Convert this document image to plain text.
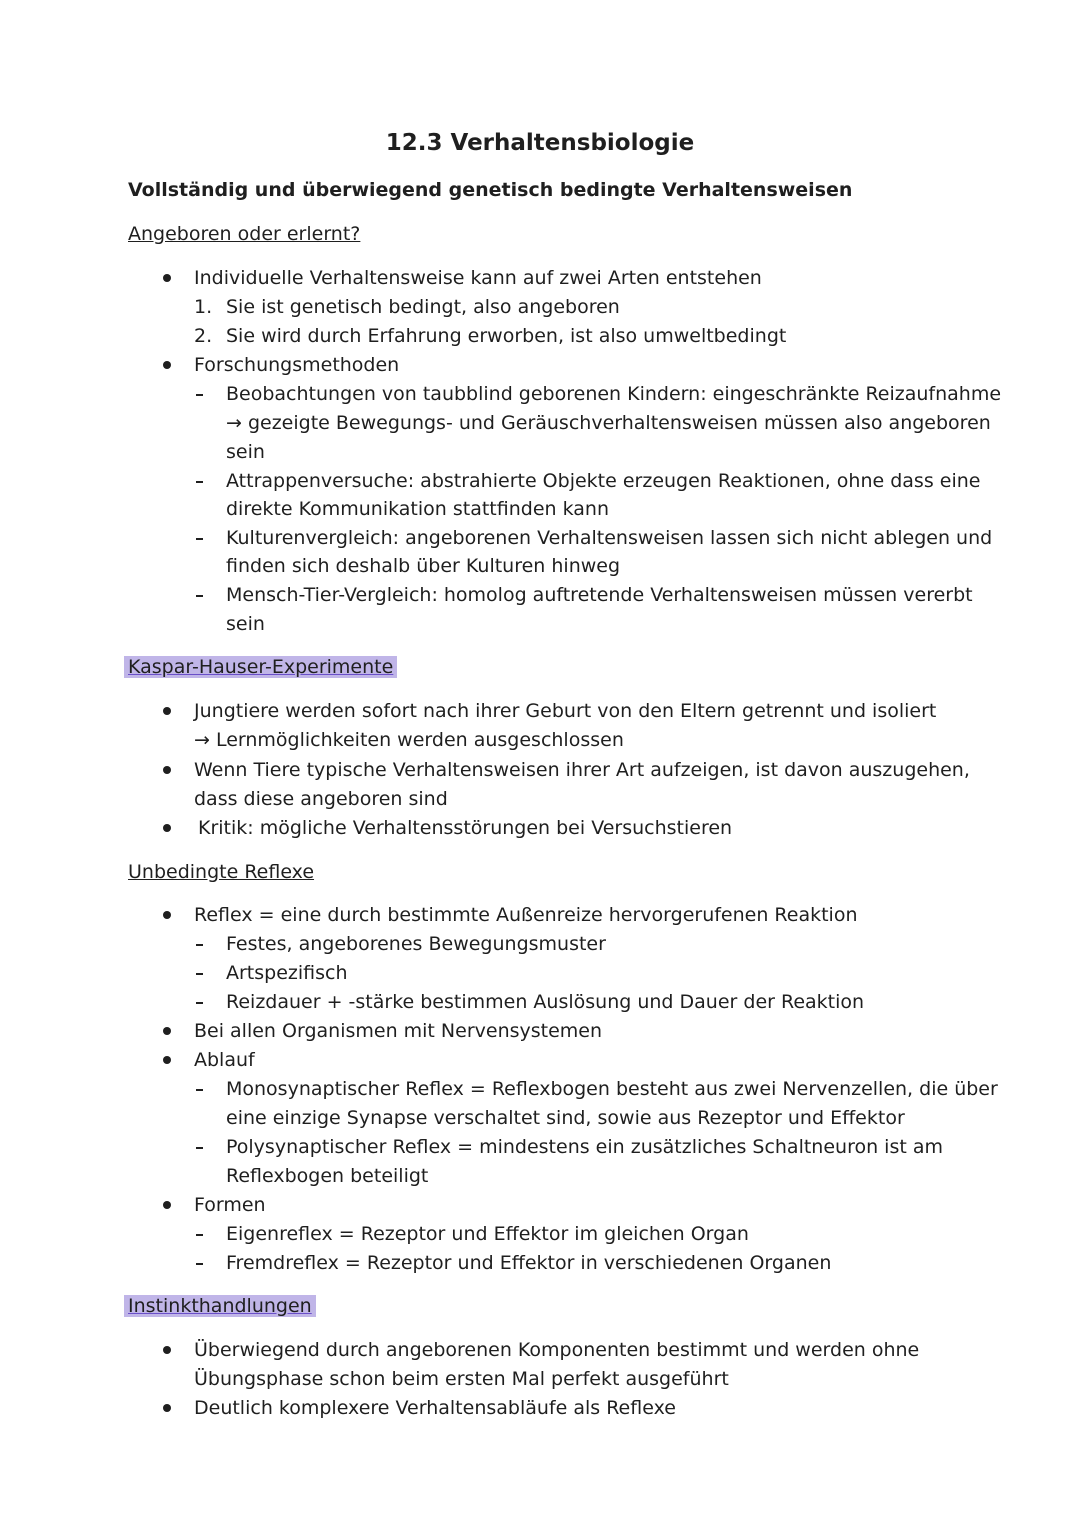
12.3 Verhaltensbiologie
Vollständig und überwiegend genetisch bedingte Verhaltensweisen
Angeboren oder erlernt?
Individuelle Verhaltensweise kann auf zwei Arten entstehen
1. Sie ist genetisch bedingt, also angeboren
2. Sie wird durch Erfahrung erworben, ist also umweltbedingt
Forschungsmethoden
Beobachtungen von taubblind geborenen Kindern: eingeschränkte Reizaufnahme
→ gezeigte Bewegungs- und Geräuschverhaltensweisen müssen also angeboren
sein
Attrappenversuche: abstrahierte Objekte erzeugen Reaktionen, ohne dass eine
direkte Kommunikation stattfinden kann
Kulturenvergleich: angeborenen Verhaltensweisen lassen sich nicht ablegen und
finden sich deshalb über Kulturen hinweg
Mensch-Tier-Vergleich: homolog auftretende Verhaltensweisen müssen vererbt
sein
Kaspar-Hauser-Experimente
Jungtiere werden sofort nach ihrer Geburt von den Eltern getrennt und isoliert
→ Lernmöglichkeiten werden ausgeschlossen
Wenn Tiere typische Verhaltensweisen ihrer Art aufzeigen, ist davon auszugehen,
dass diese angeboren sind
Kritik: mögliche Verhaltensstörungen bei Versuchstieren
Unbedingte Reflexe
Reflex = eine durch bestimmte Außenreize hervorgerufenen Reaktion
Festes, angeborenes Bewegungsmuster
Artspezifisch
Reizdauer + -stärke bestimmen Auslösung und Dauer der Reaktion
Bei allen Organismen mit Nervensystemen
Ablauf
Monosynaptischer Reflex = Reflexbogen besteht aus zwei Nervenzellen, die über
eine einzige Synapse verschaltet sind, sowie aus Rezeptor und Effektor
Polysynaptischer Reflex = mindestens ein zusätzliches Schaltneuron ist am
Reflexbogen beteiligt
Formen
Eigenreflex = Rezeptor und Effektor im gleichen Organ
Fremdreflex = Rezeptor und Effektor in verschiedenen Organen
Instinkthandlungen
Überwiegend durch angeborenen Komponenten bestimmt und werden ohne
Übungsphase schon beim ersten Mal perfekt ausgeführt
Deutlich komplexere Verhaltensabläufe als Reflexe
